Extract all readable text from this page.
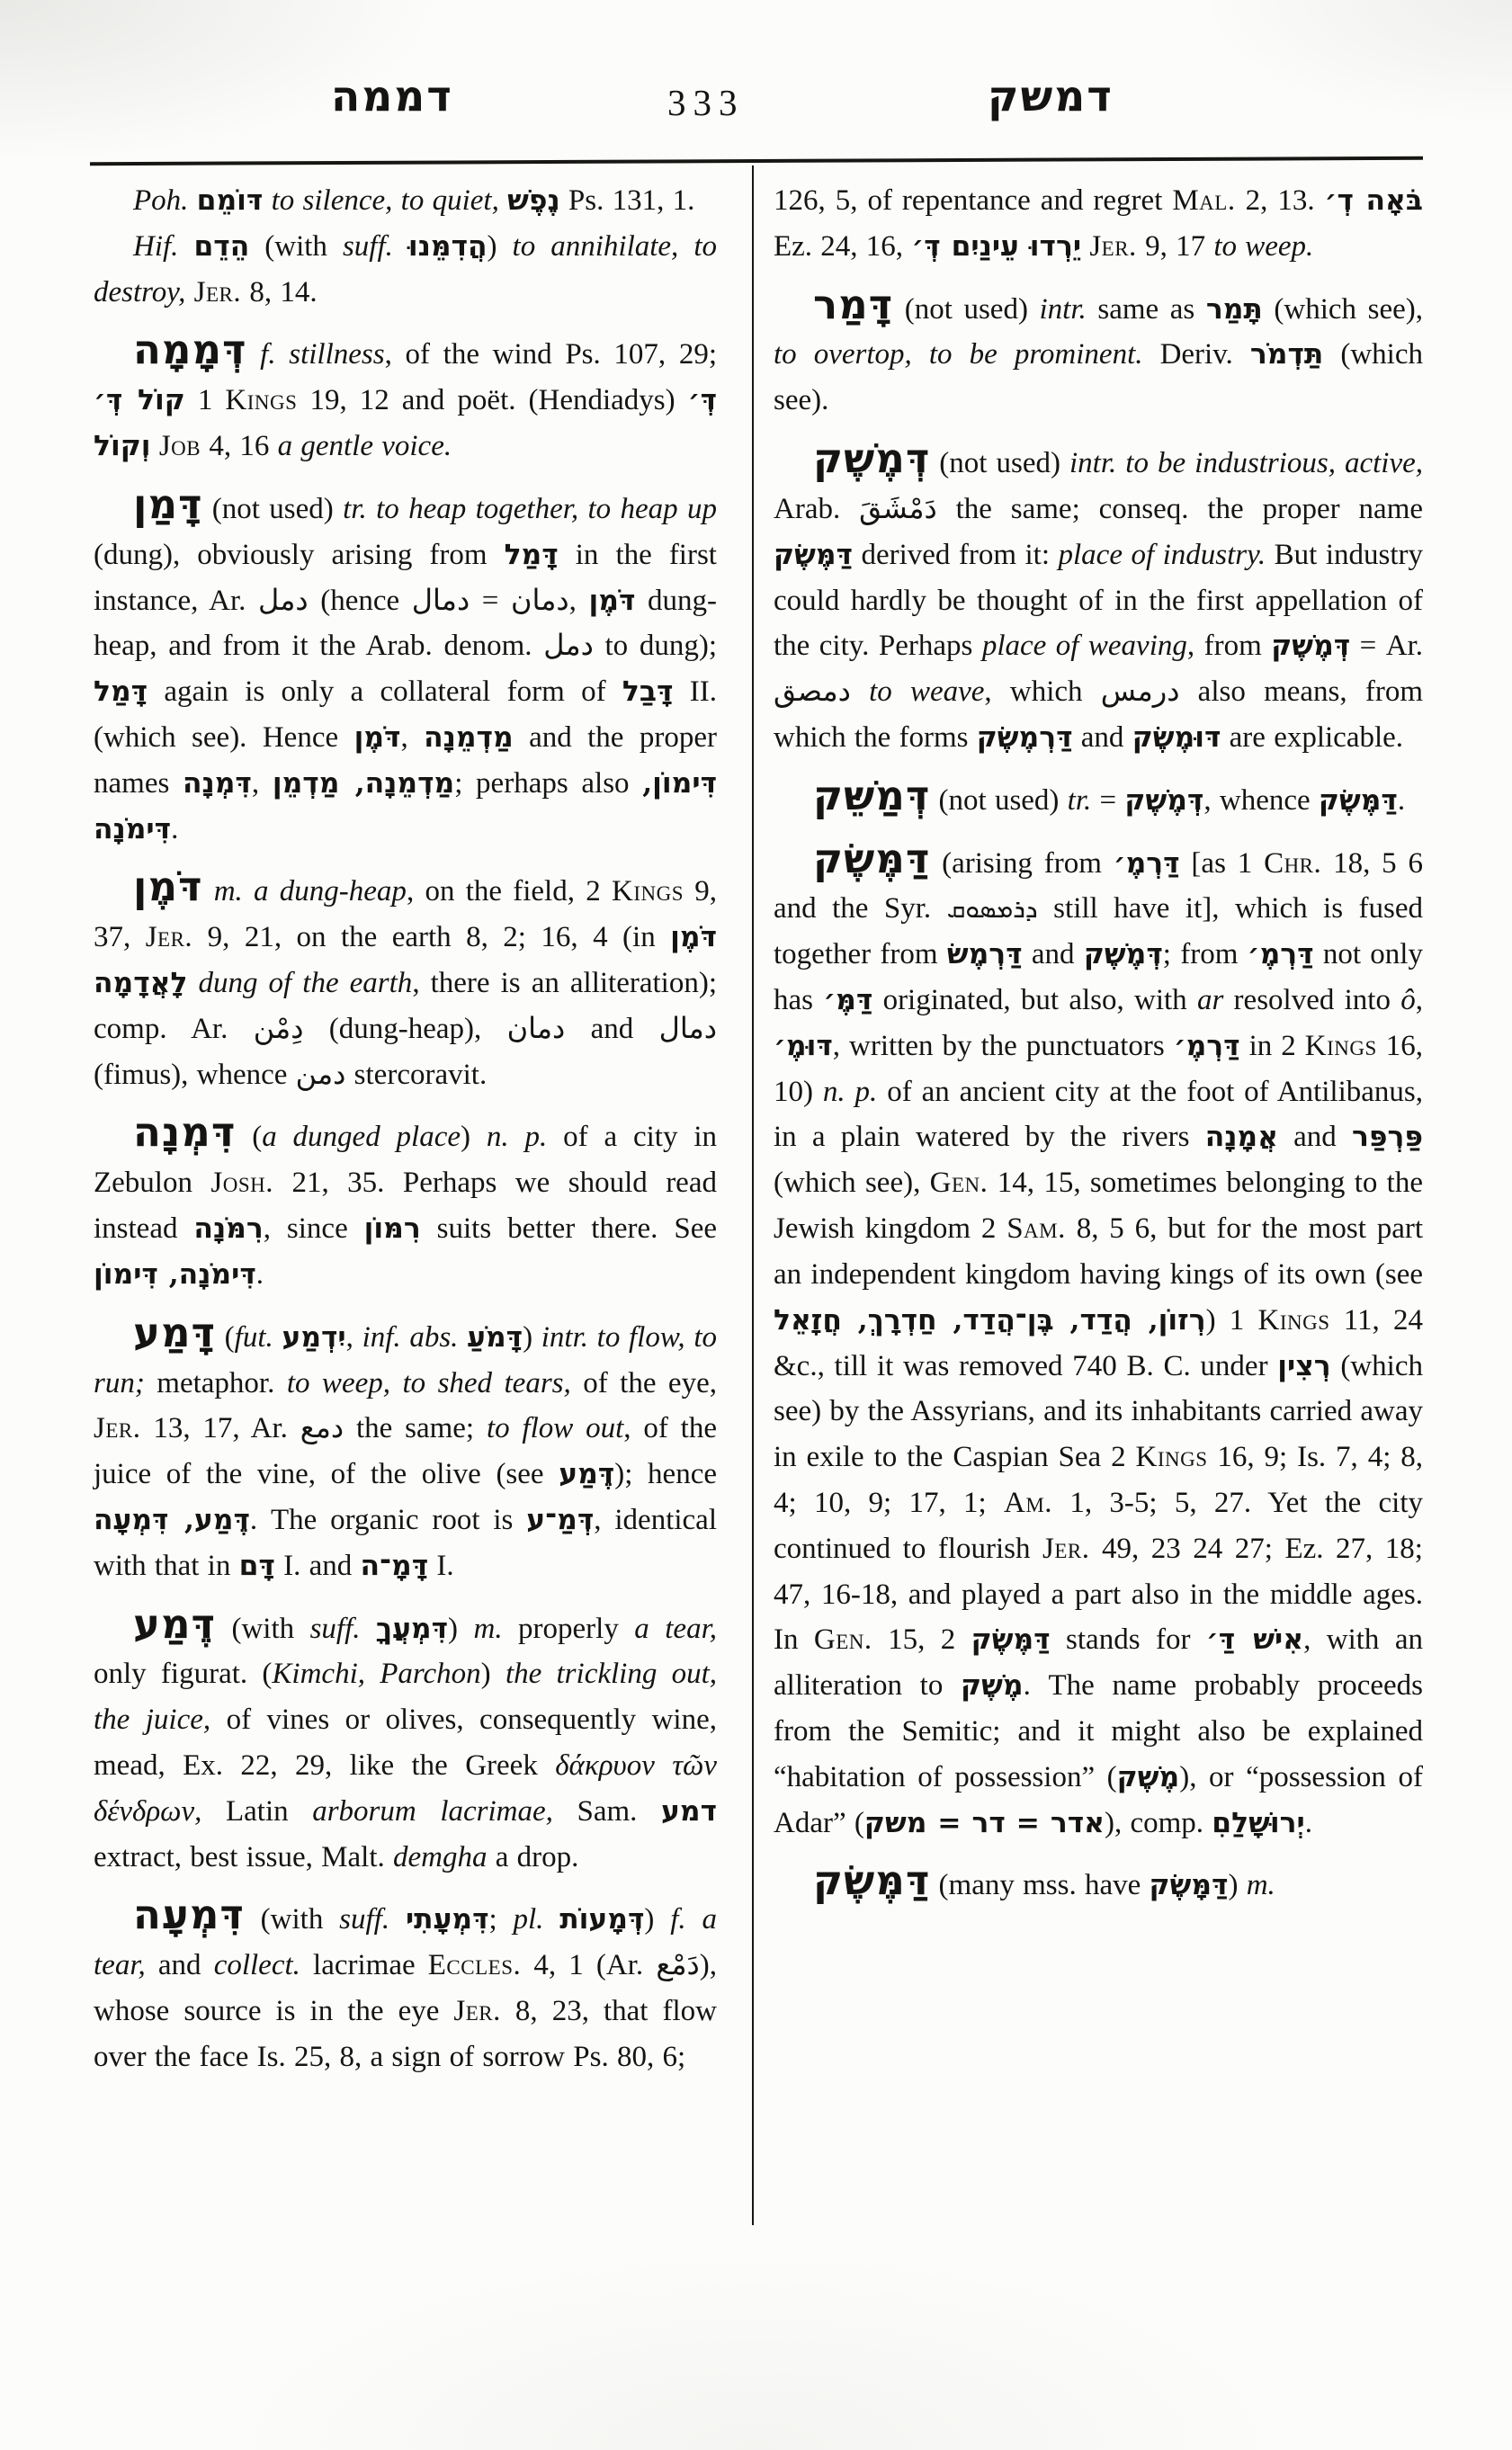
דממה	333	דמשק

Poh. דּוֹמֵם to silence, to quiet, נֶפֶשׁ Ps. 131, 1.

Hif. הֵדֵם (with suff. הֲדִמֵּנוּ) to annihilate, to destroy, Jer. 8, 14.

דְּמָמָה f. stillness, of the wind Ps. 107, 29; קוֹל דְּ׳ 1 Kings 19, 12 and poët. (Hendiadys) דְּ׳ וְקוֹל Job 4, 16 a gentle voice.

דָּמַן (not used) tr. to heap together, to heap up (dung), obviously arising from דָּמַל in the first instance, Ar. دمل (hence دمال = دمان, דֹּמֶן dung-heap, and from it the Arab. denom. دمل to dung); דָּמַל again is only a collateral form of דָּבַל II. (which see). Hence דֹּמֶן, מַדְמֵנָה and the proper names דִּמְנָה, מַדְמֵנָה, מַדְמֵן; perhaps also דִּימוֹן, דִּימֹנָה.

דֹּמֶן m. a dung-heap, on the field, 2 Kings 9, 37, Jer. 9, 21, on the earth 8, 2; 16, 4 (in דֹּמֶן לָאֲדָמָה dung of the earth, there is an alliteration); comp. Ar. دِمْن (dung-heap), دمان and دمال (fimus), whence دمن stercoravit.

דִּמְנָה (a dunged place) n. p. of a city in Zebulon Josh. 21, 35. Perhaps we should read instead רִמֹּנָה, since רִמּוֹן suits better there. See דִּימֹנָה, דִּימוֹן.

דָּמַע (fut. יִדְמַע, inf. abs. דָּמֹעַ) intr. to flow, to run; metaphor. to weep, to shed tears, of the eye, Jer. 13, 17, Ar. دمع the same; to flow out, of the juice of the vine, of the olive (see דֶּמַע); hence דֶּמַע, דִּמְעָה. The organic root is דְּמַ־ע, identical with that in דָּם I. and דָּמָ־ה I.

דֶּמַע (with suff. דִּמְעֲךָ) m. properly a tear, only figurat. (Kimchi, Parchon) the trickling out, the juice, of vines or olives, consequently wine, mead, Ex. 22, 29, like the Greek δάκρυον τῶν δένδρων, Latin arborum lacrimae, Sam. דמע extract, best issue, Malt. demgha a drop.

דִּמְעָה (with suff. דִּמְעָתִי; pl. דְּמָעוֹת) f. a tear, and collect. lacrimae Eccles. 4, 1 (Ar. دَمْع), whose source is in the eye Jer. 8, 23, that flow over the face Is. 25, 8, a sign of sorrow Ps. 80, 6;

126, 5, of repentance and regret Mal. 2, 13. בֹּאָה דְ׳ Ez. 24, 16, יֵרְדוּ עֵינַיִם דְּ׳ Jer. 9, 17 to weep.

דָּמַר (not used) intr. same as תָּמַר (which see), to overtop, to be prominent. Deriv. תַּדְמֹר (which see).

דְּמֶשֶׁק (not used) intr. to be industrious, active, Arab. دَمْشَقَ the same; conseq. the proper name דַּמֶּשֶׂק derived from it: place of industry. But industry could hardly be thought of in the first appellation of the city. Perhaps place of weaving, from דְּמֶשֶׁק = Ar. دمصق to weave, which درمس also means, from which the forms דַּרְמֶשֶׂק and דּוּמֶשֶׂק are explicable.

דְּמַשֵּׁק (not used) tr. = דְּמֶשֶׁק, whence דַּמֶּשֶׂק.

דַּמֶּשֶׂק (arising from דַּרְמֶ׳ [as 1 Chr. 18, 5 6 and the Syr. ܕܪܡܣܘܩ still have it], which is fused together from דַּרְמֶשׂ and דְּמֶשֶׁק; from דַּרְמֶ׳ not only has דַּמֶּ׳ originated, but also, with ar resolved into ô, דּוּמֶ׳, written by the punctuators דַּרְמֶ׳ in 2 Kings 16, 10) n. p. of an ancient city at the foot of Antilibanus, in a plain watered by the rivers אֲמָנָה and פַּרְפַּר (which see), Gen. 14, 15, sometimes belonging to the Jewish kingdom 2 Sam. 8, 5 6, but for the most part an independent kingdom having kings of its own (see רְזוֹן, הֲדַד, בֶּן־הֲדַד, חַדְרָךְ, חֲזָאֵל) 1 Kings 11, 24 &c., till it was removed 740 B. C. under רְצִין (which see) by the Assyrians, and its inhabitants carried away in exile to the Caspian Sea 2 Kings 16, 9; Is. 7, 4; 8, 4; 10, 9; 17, 1; Am. 1, 3-5; 5, 27. Yet the city continued to flourish Jer. 49, 23 24 27; Ez. 27, 18; 47, 16-18, and played a part also in the middle ages. In Gen. 15, 2 דַּמֶּשֶׂק stands for אִישׁ דַּ׳, with an alliteration to מֶשֶׁק. The name probably proceeds from the Semitic; and it might also be explained “habitation of possession” (מֶשֶׁק), or “possession of Adar” (אדר = דר = משק), comp. יְרוּשָׁלַםִ.

דַּמֶּשֶׂק (many mss. have דַּמָּשֶׂק) m.
